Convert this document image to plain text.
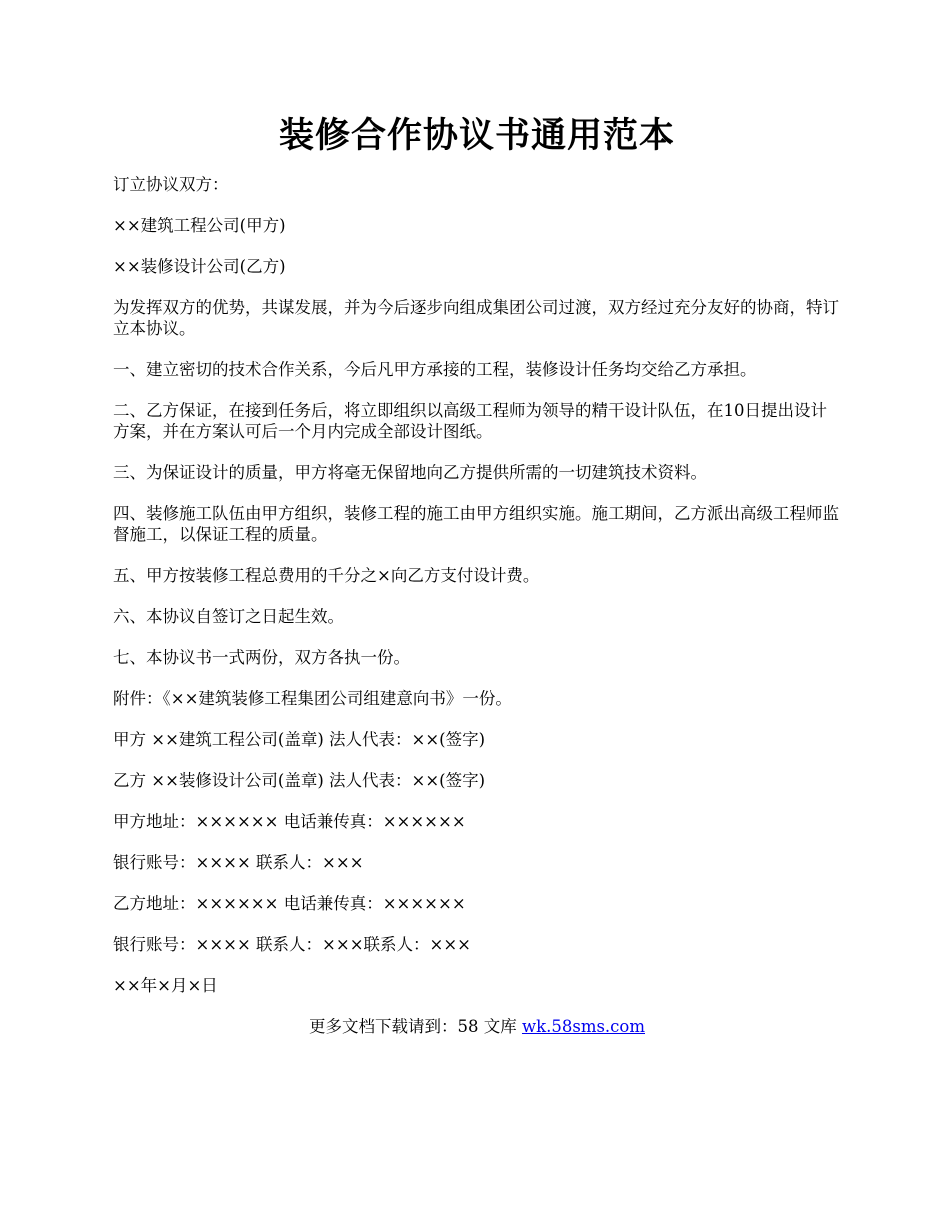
装修合作协议书通用范本

订立协议双方：

××建筑工程公司(甲方)

××装修设计公司(乙方)

为发挥双方的优势，共谋发展，并为今后逐步向组成集团公司过渡，双方经过充分友好的协商，特订立本协议。

一、建立密切的技术合作关系，今后凡甲方承接的工程，装修设计任务均交给乙方承担。

二、乙方保证，在接到任务后，将立即组织以高级工程师为领导的精干设计队伍，在10日提出设计方案，并在方案认可后一个月内完成全部设计图纸。

三、为保证设计的质量，甲方将毫无保留地向乙方提供所需的一切建筑技术资料。

四、装修施工队伍由甲方组织，装修工程的施工由甲方组织实施。施工期间，乙方派出高级工程师监督施工，以保证工程的质量。

五、甲方按装修工程总费用的千分之×向乙方支付设计费。

六、本协议自签订之日起生效。

七、本协议书一式两份，双方各执一份。

附件：《××建筑装修工程集团公司组建意向书》一份。

甲方 ××建筑工程公司(盖章) 法人代表：××(签字)

乙方 ××装修设计公司(盖章) 法人代表：××(签字)

甲方地址：×××××× 电话兼传真：××××××

银行账号：×××× 联系人：×××

乙方地址：×××××× 电话兼传真：××××××

银行账号：×××× 联系人：×××联系人：×××

××年×月×日

更多文档下载请到：58 文库 wk.58sms.com
